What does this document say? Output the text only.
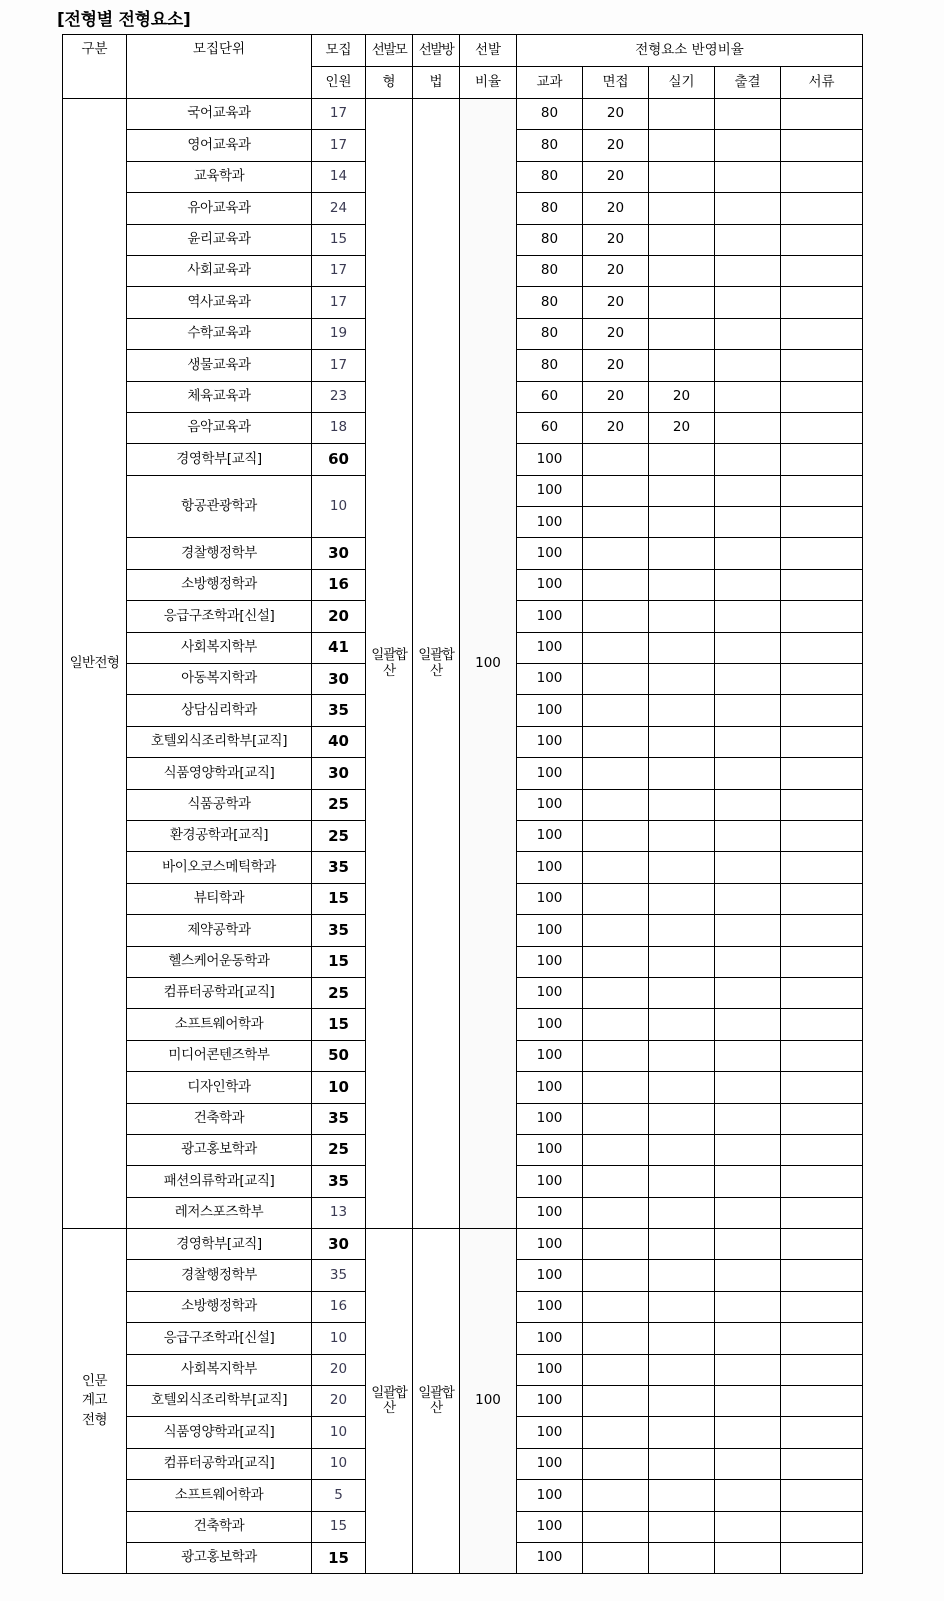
[전형별 전형요소]
구분	모집단위	모집	선발모	선발방	선발	전형요소 반영비율				
		인원	형	법	비율	교과	면접	실기	출결	서류
일반전형	국어교육과	17	일괄합산	일괄합산	100	80	20			
	영어교육과	17				80	20			
	교육학과	14				80	20			
	유아교육과	24				80	20			
	윤리교육과	15				80	20			
	사회교육과	17				80	20			
	역사교육과	17				80	20			
	수학교육과	19				80	20			
	생물교육과	17				80	20			
	체육교육과	23				60	20	20		
	음악교육과	18				60	20	20		
	경영학부[교직]	60				100				
	항공관광학과	10				100				
						100				
	경찰행정학부	30				100				
	소방행정학과	16				100				
	응급구조학과[신설]	20				100				
	사회복지학부	41				100				
	아동복지학과	30				100				
	상담심리학과	35				100				
	호텔외식조리학부[교직]	40				100				
	식품영양학과[교직]	30				100				
	식품공학과	25				100				
	환경공학과[교직]	25				100				
	바이오코스메틱학과	35				100				
	뷰티학과	15				100				
	제약공학과	35				100				
	헬스케어운동학과	15				100				
	컴퓨터공학과[교직]	25				100				
	소프트웨어학과	15				100				
	미디어콘텐즈학부	50				100				
	디자인학과	10				100				
	건축학과	35				100				
	광고홍보학과	25				100				
	패션의류학과[교직]	35				100				
	레저스포즈학부	13				100				
인문
계고
전형	경영학부[교직]	30	일괄합산	일괄합산	100	100				
	경찰행정학부	35				100				
	소방행정학과	16				100				
	응급구조학과[신설]	10				100				
	사회복지학부	20				100				
	호텔외식조리학부[교직]	20				100				
	식품영양학과[교직]	10				100				
	컴퓨터공학과[교직]	10				100				
	소프트웨어학과	5				100				
	건축학과	15				100				
	광고홍보학과	15				100				
